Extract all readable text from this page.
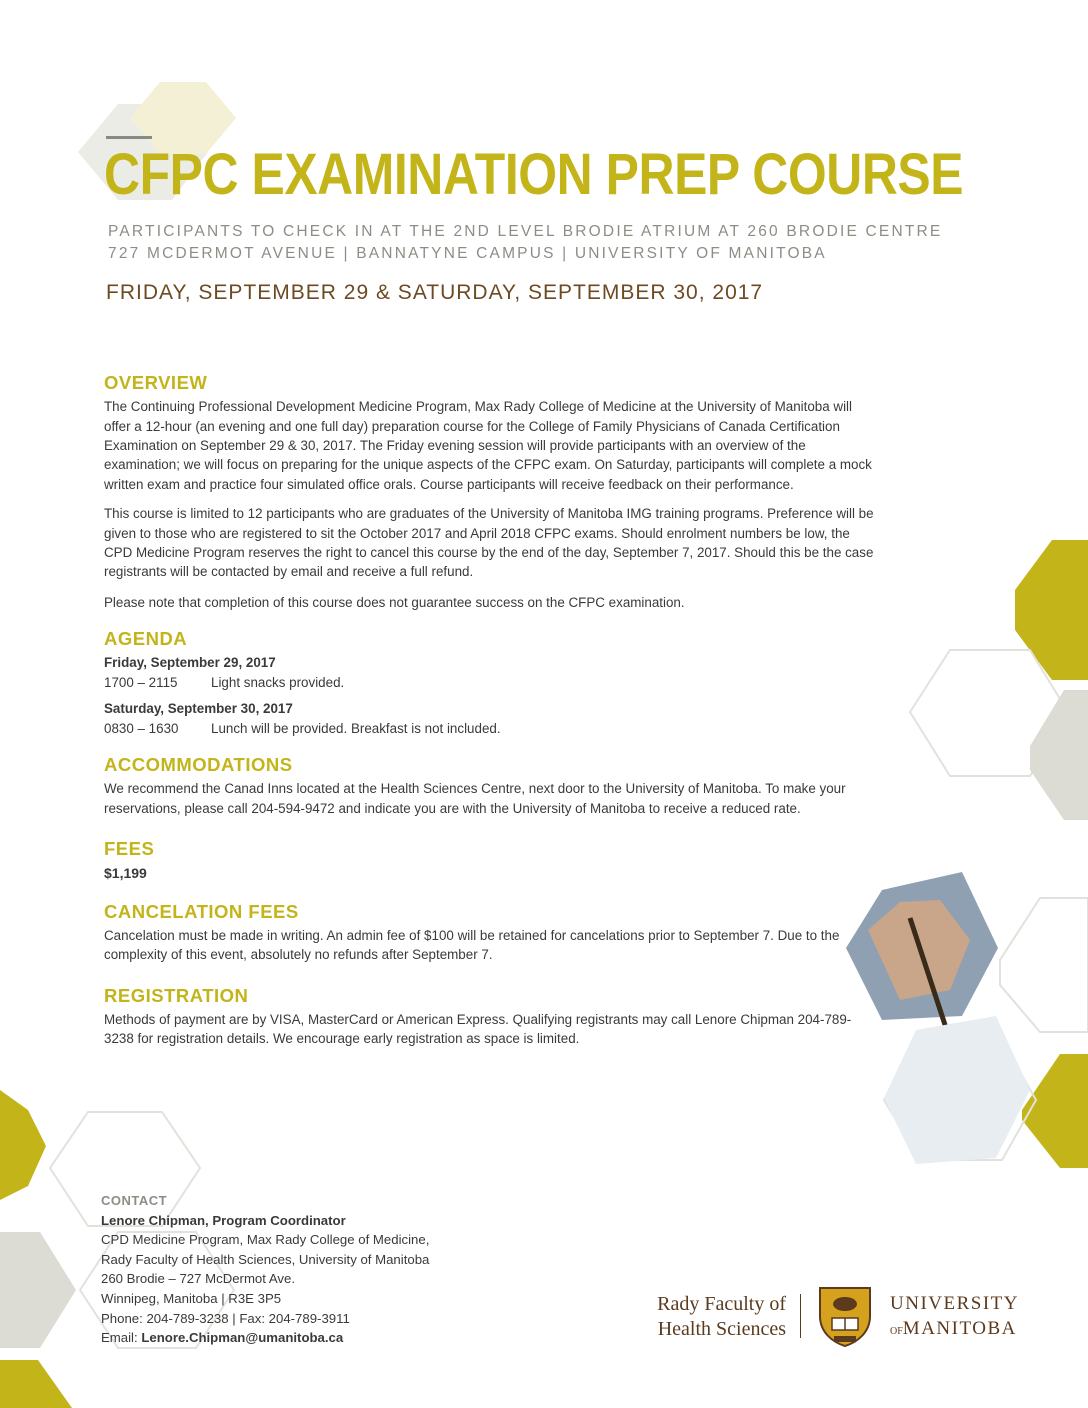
CFPC EXAMINATION PREP COURSE
PARTICIPANTS TO CHECK IN AT THE 2ND LEVEL BRODIE ATRIUM AT 260 BRODIE CENTRE
727 MCDERMOT AVENUE | BANNATYNE CAMPUS | UNIVERSITY OF MANITOBA
FRIDAY, SEPTEMBER 29 & SATURDAY, SEPTEMBER 30, 2017
OVERVIEW

The Continuing Professional Development Medicine Program, Max Rady College of Medicine at the University of Manitoba will offer a 12-hour (an evening and one full day) preparation course for the College of Family Physicians of Canada Certification Examination on September 29 & 30, 2017. The Friday evening session will provide participants with an overview of the examination; we will focus on preparing for the unique aspects of the CFPC exam. On Saturday, participants will complete a mock written exam and practice four simulated office orals. Course participants will receive feedback on their performance.

This course is limited to 12 participants who are graduates of the University of Manitoba IMG training programs. Preference will be given to those who are registered to sit the October 2017 and April 2018 CFPC exams. Should enrolment numbers be low, the CPD Medicine Program reserves the right to cancel this course by the end of the day, September 7, 2017. Should this be the case registrants will be contacted by email and receive a full refund.

Please note that completion of this course does not guarantee success on the CFPC examination.

AGENDA
Friday, September 29, 2017
1700 – 2115	Light snacks provided.
Saturday, September 30, 2017
0830 – 1630	Lunch will be provided. Breakfast is not included.
ACCOMMODATIONS

We recommend the Canad Inns located at the Health Sciences Centre, next door to the University of Manitoba. To make your reservations, please call 204-594-9472 and indicate you are with the University of Manitoba to receive a reduced rate.

FEES
$1,199
CANCELATION FEES

Cancelation must be made in writing. An admin fee of $100 will be retained for cancelations prior to September 7. Due to the complexity of this event, absolutely no refunds after September 7.

REGISTRATION

Methods of payment are by VISA, MasterCard or American Express. Qualifying registrants may call Lenore Chipman 204-789-3238 for registration details. We encourage early registration as space is limited.

CONTACT
Lenore Chipman, Program Coordinator
CPD Medicine Program, Max Rady College of Medicine,
Rady Faculty of Health Sciences, University of Manitoba
260 Brodie – 727 McDermot Ave.
Winnipeg, Manitoba | R3E 3P5
Phone: 204-789-3238 | Fax: 204-789-3911
Email: Lenore.Chipman@umanitoba.ca
Rady Faculty of
Health Sciences
UNIVERSITY
OFMANITOBA
